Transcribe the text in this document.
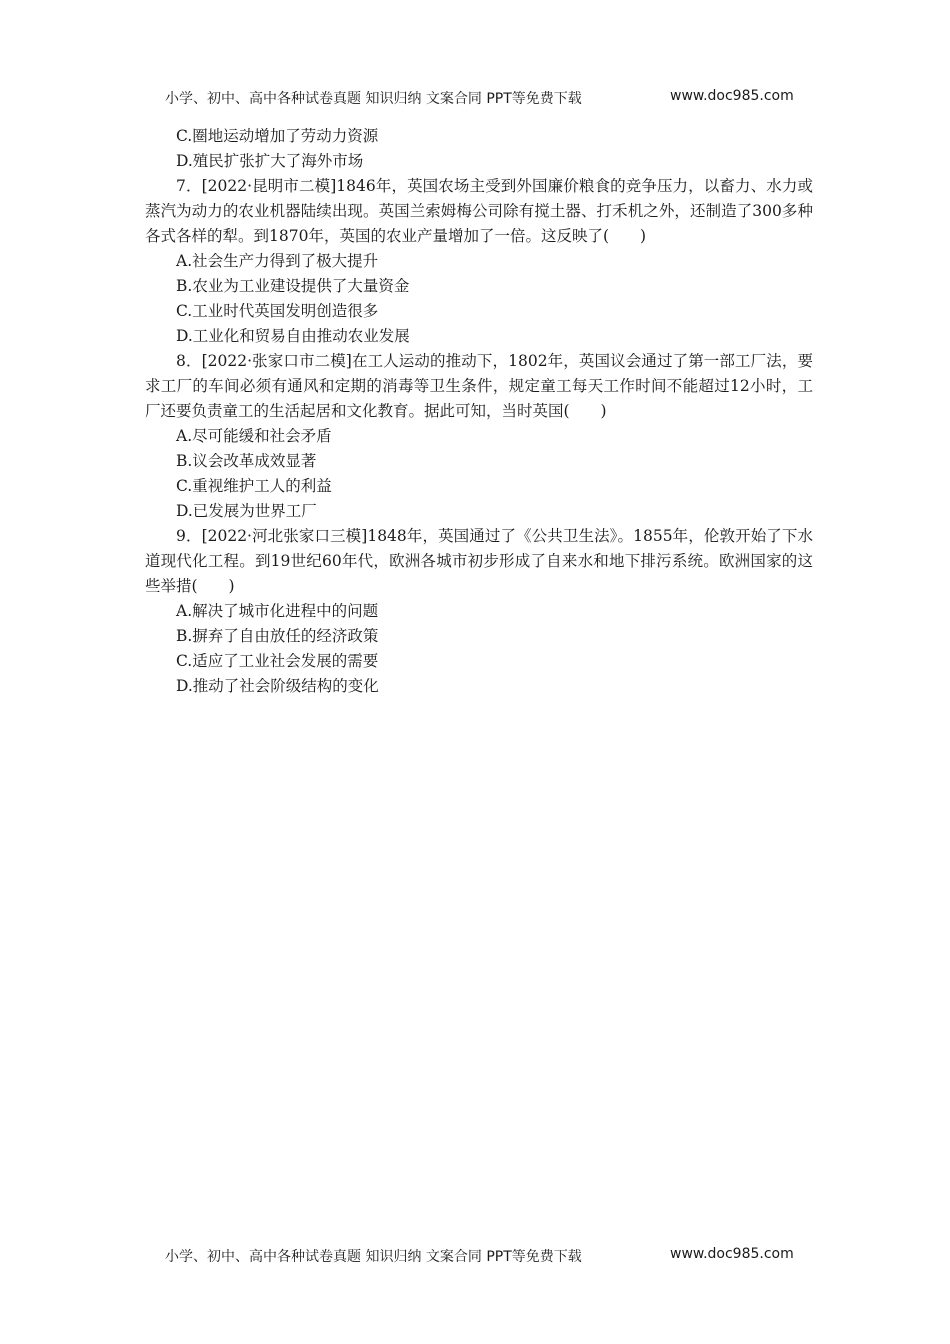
小学、初中、高中各种试卷真题 知识归纳 文案合同 PPT等免费下载	www.doc985.com

C.圈地运动增加了劳动力资源

D.殖民扩张扩大了海外市场

7．[2022·昆明市二模]1846年，英国农场主受到外国廉价粮食的竞争压力，以畜力、水力或蒸汽为动力的农业机器陆续出现。英国兰索姆梅公司除有搅土器、打禾机之外，还制造了300多种各式各样的犁。到1870年，英国的农业产量增加了一倍。这反映了(　　)

A.社会生产力得到了极大提升

B.农业为工业建设提供了大量资金

C.工业时代英国发明创造很多

D.工业化和贸易自由推动农业发展

8．[2022·张家口市二模]在工人运动的推动下，1802年，英国议会通过了第一部工厂法，要求工厂的车间必须有通风和定期的消毒等卫生条件，规定童工每天工作时间不能超过12小时，工厂还要负责童工的生活起居和文化教育。据此可知，当时英国(　　)

A.尽可能缓和社会矛盾

B.议会改革成效显著

C.重视维护工人的利益

D.已发展为世界工厂

9．[2022·河北张家口三模]1848年，英国通过了《公共卫生法》。1855年，伦敦开始了下水道现代化工程。到19世纪60年代，欧洲各城市初步形成了自来水和地下排污系统。欧洲国家的这些举措(　　)

A.解决了城市化进程中的问题

B.摒弃了自由放任的经济政策

C.适应了工业社会发展的需要

D.推动了社会阶级结构的变化

小学、初中、高中各种试卷真题 知识归纳 文案合同 PPT等免费下载	www.doc985.com
